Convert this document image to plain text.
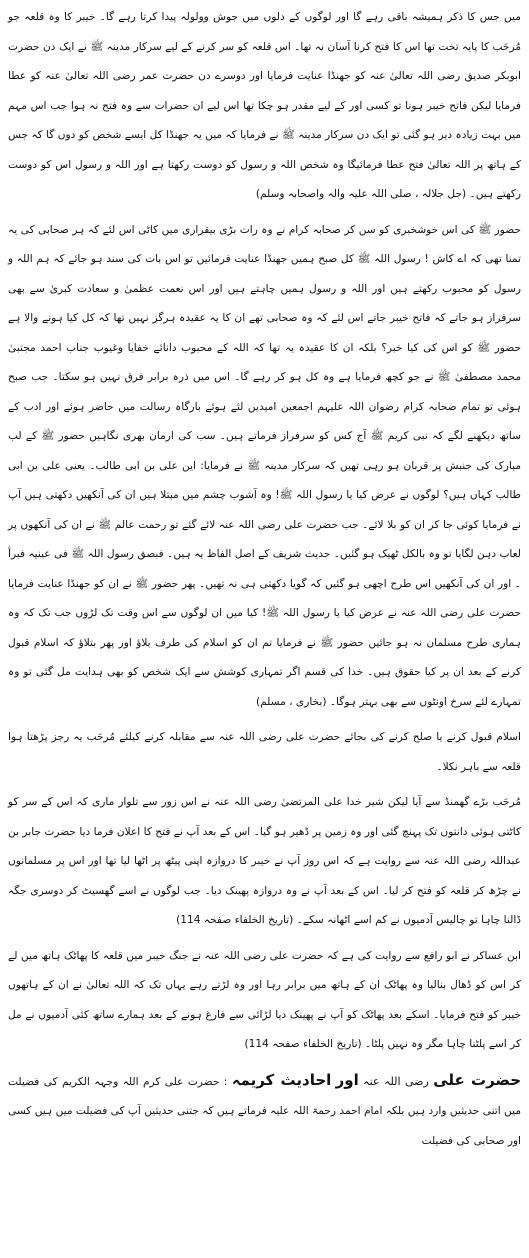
میں جس کا ذکر ہمیشہ باقی رہے گا اور لوگوں کے دلوں میں جوش وولولہ پیدا کرتا رہے گا۔ خیبر کا وہ قلعہ جو مُرحَب کا پایہ تخت تھا اس کا فتح کرنا آسان نہ تھا۔ اس قلعہ کو سر کرنے کے لیے سرکار مدینہ ﷺ نے ایک دن حضرت ابوبکر صدیق رضی اللہ تعالیٰ عنہ کو جھنڈا عنایت فرمایا اور دوسرے دن حضرت عمر رضی اللہ تعالیٰ عنہ کو عطا فرمایا لیکن فاتح خیبر ہونا تو کسی اور کے لیے مقدر ہو چکا تھا اس لیے ان حضرات سے وہ فتح نہ ہوا جب اس مہم میں بہت زیادہ دیر ہو گئی تو ایک دن سرکار مدینہ ﷺ نے فرمایا کہ میں یہ جھنڈا کل ایسے شخص کو دوں گا کہ جس کے ہاتھ پر اللہ تعالیٰ فتح عطا فرمائیگا وہ شخص اللہ و رسول کو دوست رکھتا ہے اور اللہ و رسول اس کو دوست رکھتے ہیں۔ (جل جلالہ ، صلی اللہ علیہ والہ واصحابہ وسلم)

حضور ﷺ کی اس خوشخبری کو سن کر صحابہ کرام نے وہ رات بڑی بیقراری میں کاٹی اس لئے کہ ہر صحابی کی یہ تمنا تھی کہ اے کاش ! رسول اللہ ﷺ کل صبح ہمیں جھنڈا عنایت فرمائیں تو اس بات کی سند ہو جائے کہ ہم اللہ و رسول کو محبوب رکھتے ہیں اور اللہ و رسول ہمیں چاہتے ہیں اور اس نعمت عظمیٰ و سعادت کبریٰ سے بھی سرفراز ہو جاتے کہ فاتح خیبر جاتے اس لئے کہ وہ صحابی تھے ان کا یہ عقیدہ ہرگز نہیں تھا کہ کل کیا ہونے والا ہے حضور ﷺ کو اس کی کیا خبر؟ بلکہ ان کا عقیدہ یہ تھا کہ اللہ کے محبوب دانائے خفایا وغیوب جناب احمد مجتبیٰ محمد مصطفیٰ ﷺ نے جو کچھ فرمایا ہے وہ کل ہو کر رہے گا۔ اس میں ذرہ برابر فرق نہیں ہو سکتا۔ جب صبح ہوئی تو تمام صحابہ کرام رضوان اللہ علیہم اجمعین امیدیں لئے ہوئے بارگاہ رسالت میں حاضر ہوئے اور ادب کے ساتھ دیکھنے لگے کہ نبی کریم ﷺ آج کس کو سرفراز فرماتے ہیں۔ سب کی ارمان بھری نگاہیں حضور ﷺ کے لب مبارک کی جنبش پر قربان ہو رہی تھیں کہ سرکار مدینہ ﷺ نے فرمایا: این علی بن ابی طالب۔ یعنی علی بن ابی طالب کہاں ہیں؟ لوگوں نے عرض کیا یا رسول اللہ ﷺ! وہ آشوب چشم میں مبتلا ہیں ان کی آنکھیں دکھتی ہیں آپ نے فرمایا کوئی جا کر ان کو بلا لائے۔ جب حضرت علی رضی اللہ عنہ لائے گئے تو رحمت عالم ﷺ نے ان کی آنکھوں پر لعاب دہن لگایا تو وہ بالکل ٹھیک ہو گئیں۔ حدیث شریف کے اصل الفاظ یہ ہیں۔ فبصق رسول اللہ ﷺ فی عینیہ فبرأ ۔ اور ان کی آنکھیں اس طرح اچھی ہو گئیں کہ گویا دکھتی ہی نہ تھیں۔ پھر حضور ﷺ نے ان کو جھنڈا عنایت فرمایا حضرت علی رضی اللہ عنہ نے عرض کیا یا رسول اللہ ﷺ! کیا میں ان لوگوں سے اس وقت تک لڑوں جب تک کہ وہ ہماری طرح مسلمان نہ ہو جائیں حضور ﷺ نے فرمایا تم ان کو اسلام کی طرف بلاؤ اور پھر بتلاؤ کہ اسلام قبول کرنے کے بعد ان پر کیا حقوق ہیں۔ خدا کی قسم اگر تمہاری کوشش سے ایک شخص کو بھی ہدایت مل گئی تو وہ تمہارے لئے سرخ اونٹوں سے بھی بہتر ہوگا۔ (بخاری ، مسلم)

اسلام قبول کرنے یا صلح کرنے کی بجائے حضرت علی رضی اللہ عنہ سے مقابلہ کرنے کیلئے مُرحَب یہ رجز پڑھتا ہوا قلعہ سے باہر نکلا۔

مُرحَب بڑے گھمنڈ سے آیا لیکن شیر خدا علی المرتضیٰ رضی اللہ عنہ نے اس زور سے تلوار ماری کہ اس کے سر کو کاٹتی ہوئی دانتوں تک پہنچ گئی اور وہ زمین پر ڈھیر ہو گیا۔ اس کے بعد آپ نے فتح کا اعلان فرما دیا حضرت جابر بن عبداللہ رضی اللہ عنہ سے روایت ہے کہ اس روز آپ نے خیبر کا دروازہ اپنی پیٹھ پر اٹھا لیا تھا اور اس پر مسلمانوں نے چڑھ کر قلعہ کو فتح کر لیا۔ اس کے بعد آپ نے وہ دروازہ پھینک دیا۔ جب لوگوں نے اسے گھسیٹ کر دوسری جگہ ڈالنا چاہا تو چالیس آدمیوں نے کم اسے اٹھانہ سکے۔ (تاریخ الخلفاء صفحہ 114)

ابن عساکر نے ابو رافع سے روایت کی ہے کہ حضرت علی رضی اللہ عنہ نے جنگ خیبر میں قلعہ کا پھاٹک ہاتھ میں لے کر اس کو ڈھال بنالیا وہ پھاٹک ان کے ہاتھ میں برابر رہا اور وہ لڑتے رہے یہاں تک کہ اللہ تعالیٰ نے ان کے ہاتھوں خیبر کو فتح فرمایا۔ اسکے بعد پھاٹک کو آپ نے پھینک دیا لڑائی سے فارغ ہونے کے بعد ہمارے ساتھ کئی آدمیوں نے مل کر اسے پلٹنا چاہا مگر وہ نہیں پلٹا۔ (تاریخ الخلفاء صفحہ 114)

حضرت علی رضی اللہ عنہ اور احادیث کریمہ : حضرت علی کرم اللہ وجہہ الکریم کی فضیلت میں اتنی حدیثیں وارد ہیں بلکہ امام احمد رحمۃ اللہ علیہ فرماتے ہیں کہ جتنی حدیثیں آپ کی فضیلت میں ہیں کسی اور صحابی کی فضیلت
